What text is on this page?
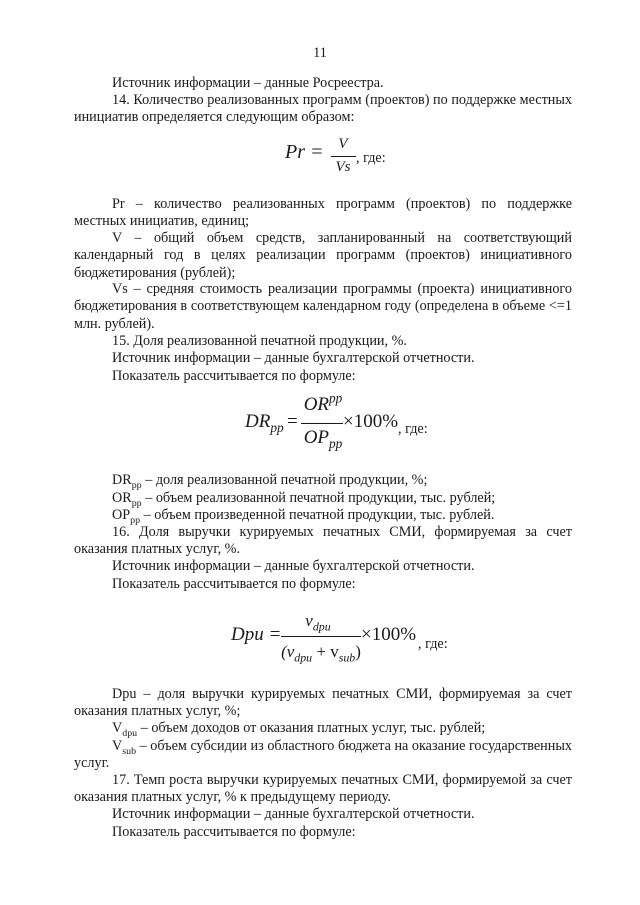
11

Источник информации – данные Росреестра.

14. Количество реализованных программ (проектов) по поддержке местных инициатив определяется следующим образом:

Pr = V
Vs
, где:

Pr – количество реализованных программ (проектов) по поддержке местных инициатив, единиц;

V – общий объем средств, запланированный на соответствующий календарный год в целях реализации программ (проектов) инициативного бюджетирования (рублей);

Vs – средняя стоимость реализации программы (проекта) инициативного бюджетирования в соответствующем календарном году (определена в объеме <=1 млн. рублей).

15. Доля реализованной печатной продукции, %.

Источник информации – данные бухгалтерской отчетности.

Показатель рассчитывается по формуле:

$DR_{pp}$ =
$OR^{pp}$
$OP_{pp}$
×100% , где:

$DR_{pp}$ – доля реализованной печатной продукции, %;

$OR_{pp}$ – объем реализованной печатной продукции, тыс. рублей;

$OP_{pp}$ – объем произведенной печатной продукции, тыс. рублей.

16. Доля выручки курируемых печатных СМИ, формируемая за счет оказания платных услуг, %.

Источник информации – данные бухгалтерской отчетности.

Показатель рассчитывается по формуле:

Dpu =
$v_{dpu}$
$(v_{dpu} + v_{sub})$
×100% , где:

Dpu – доля выручки курируемых печатных СМИ, формируемая за счет оказания платных услуг, %;

$V_{dpu}$ – объем доходов от оказания платных услуг, тыс. рублей;

$V_{sub}$ – объем субсидии из областного бюджета на оказание государственных услуг.

17. Темп роста выручки курируемых печатных СМИ, формируемой за счет оказания платных услуг, % к предыдущему периоду.

Источник информации – данные бухгалтерской отчетности.

Показатель рассчитывается по формуле:
